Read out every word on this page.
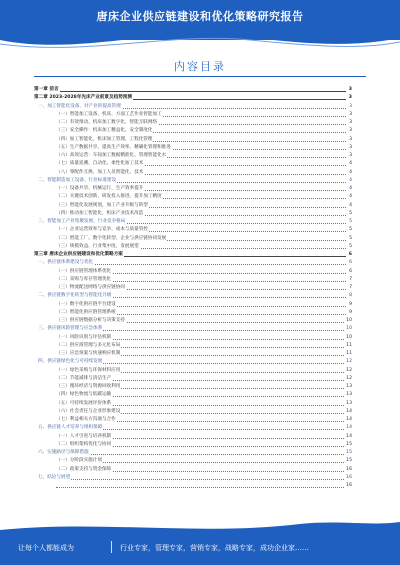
唐床企业供应链建设和优化策略研究报告
内容目录
第一章 前言	3
第二章 2023-2028年先床产业前景及趋势预测	3
一、加工智能化设备、对产业的提高管理	3
（一）智能加工设备、机床、方面工艺作业智能加工	3
（二）有效推动、机床加工数字化、智能互联网络	3
（三）安全操作：机床加工精益化、安全制度化	3
（四）加工智能化，机床加工管理、工程化管理	3
（五）生产数据共享，提高生产效率、精确化管理和推进	3
（六）高效运营：车间加工数据精准化、管理智能化水	3
（七）质量追溯、自动化、柔性化加工技术	4
（八）零配件互换、加工人员智能化、技术	4
二、智能制造加工设备、行业标准建设	4
（一）设备共享、机械运行、生产效率提升	4
（二）关键技术创新、研发投入推进、提升加工精度	4
（三）智能化发展规划，加工产业升级与转型	4
（四）推动加工智能化，机床产业技术改造	5
三、智能加工产业集聚发展、行业竞争格局	5
（一）企业运营效率与竞争、成本与质量管控	5
（二）智能工厂、数字化转型、企业与供应链协同发展	5
（三）规模效益、行业集中度、发展展望	5
第三章 唐床企业供应链建设和优化策略方案	6
一、供应链体系建设与优化	6
（一）供应链管理体系优化	6
（二）采购与库存管理优化	7
（三）物流配送网络与供应链协同	7
二、供应链数字化转型与智能化升级	8
（一）数字化供应链平台建设	9
（二）智能化供应链管理系统	9
（三）供应链数据分析与决策支持	10
三、供应链风险管理与应急体系	10
（一）风险识别与评估机制	10
（二）供应商管理与多元化布局	11
（三）应急预案与快速响应机制	11
四、供应链绿色化与可持续发展	12
（一）绿色采购与环保材料应用	12
（二）节能减排与清洁生产	12
（三）循环经济与资源回收利用	13
（四）绿色物流与低碳运输	13
（五）可持续发展评价体系	13
（六）社会责任与企业形象建设	14
（七）利益相关方沟通与合作	14
五、供应链人才培养与组织保障	14
（一）人才引进与培养机制	14
（二）组织架构优化与协同	15
六、实施路径与保障措施	15
（一）分阶段实施计划	15
（二）政策支持与资金保障	16
七、结论与展望	16
16
让每个人都能成为	行业专家，管理专家，营销专家，战略专家，成功企业家……
